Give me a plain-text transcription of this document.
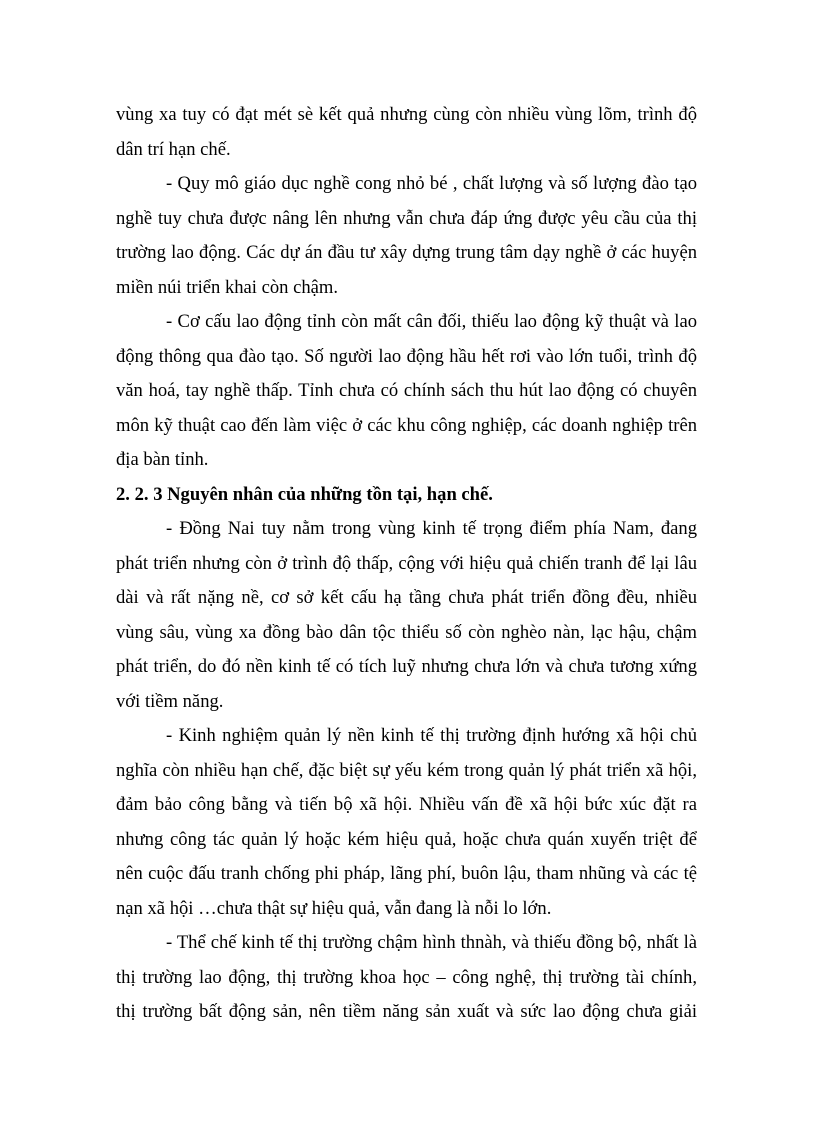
vùng xa tuy có đạt mét sè kết quả nhưng cùng còn nhiều vùng lõm, trình độ
dân trí hạn chế.
- Quy mô giáo dục nghề cong nhỏ bé , chất lượng và số lượng đào tạo
nghề tuy chưa được nâng lên nhưng vẫn chưa đáp ứng được yêu cầu của thị
trường lao động. Các dự án đầu tư xây dựng trung tâm dạy nghề ở các huyện
miền núi triển khai còn chậm.
- Cơ cấu lao động tỉnh còn mất cân đối, thiếu lao động kỹ thuật và lao
động thông qua đào tạo. Số người lao động hầu hết rơi vào lớn tuổi, trình độ
văn hoá, tay nghề thấp. Tỉnh chưa có chính sách thu hút lao động có chuyên
môn kỹ thuật cao đến làm việc ở các khu công nghiệp, các doanh nghiệp trên
địa bàn tỉnh.
2. 2. 3 Nguyên nhân của những tồn tại, hạn chế.
- Đồng Nai tuy nằm trong vùng kinh tế trọng điểm phía Nam, đang
phát triển nhưng còn ở trình độ thấp, cộng với hiệu quả chiến tranh để lại lâu
dài và rất nặng nề, cơ sở kết cấu hạ tầng chưa phát triển đồng đều, nhiều
vùng sâu, vùng xa đồng bào dân tộc thiểu số còn nghèo nàn, lạc hậu, chậm
phát triển, do đó nền kinh tế có tích luỹ nhưng chưa lớn và chưa tương xứng
với tiềm năng.
- Kinh nghiệm quản lý nền kinh tế thị trường định hướng xã hội chủ
nghĩa còn nhiều hạn chế, đặc biệt sự yếu kém trong quản lý phát triển xã hội,
đảm bảo công bằng và tiến bộ xã hội. Nhiều vấn đề xã hội bức xúc đặt ra
nhưng công tác quản lý hoặc kém hiệu quả, hoặc chưa quán xuyến triệt để
nên cuộc đấu tranh chống phi pháp, lãng phí, buôn lậu, tham nhũng và các tệ
nạn xã hội …chưa thật sự hiệu quả, vẫn đang là nỗi lo lớn.
- Thể chế kinh tế thị trường chậm hình thnàh, và thiếu đồng bộ, nhất là
thị trường lao động, thị trường khoa học – công nghệ, thị trường tài chính,
thị trường bất động sản, nên tiềm năng sản xuất và sức lao động chưa giải
